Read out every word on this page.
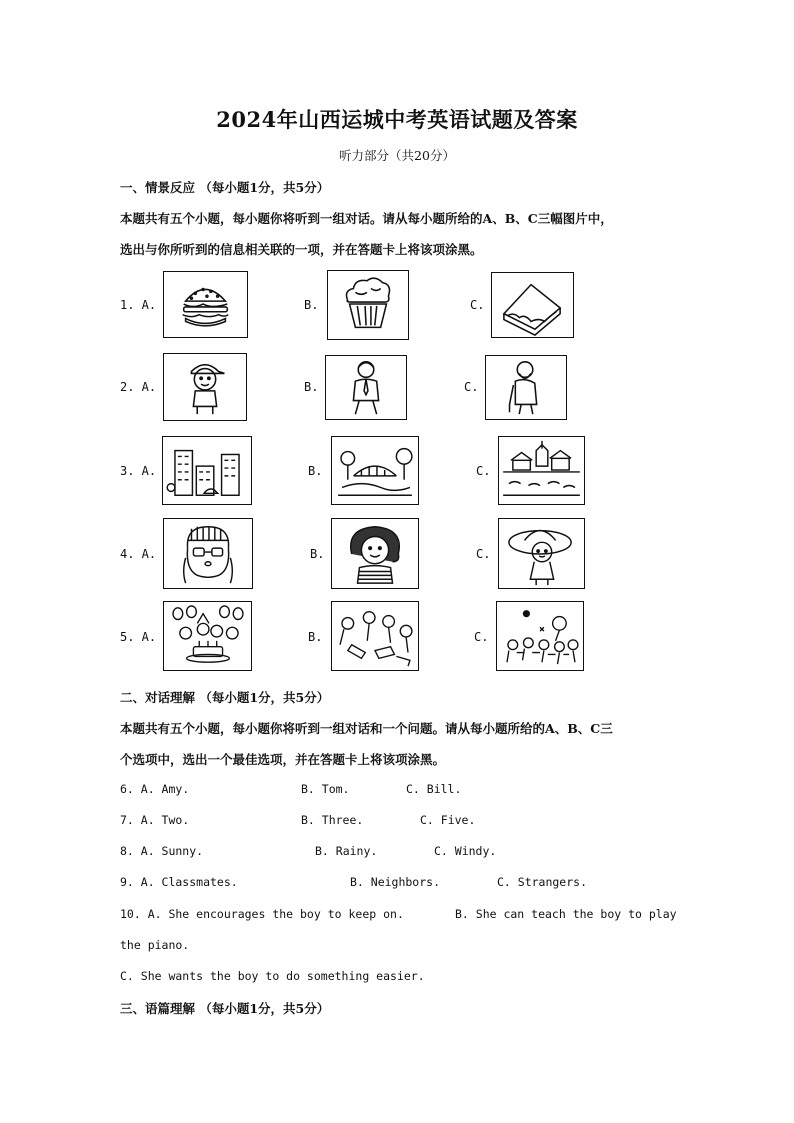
2024年山西运城中考英语试题及答案
听力部分（共20分）
一、情景反应 （每小题1分，共5分）
本题共有五个小题，每小题你将听到一组对话。请从每小题所给的A、B、C三幅图片中，
选出与你所听到的信息相关联的一项，并在答题卡上将该项涂黑。
1. A.	B.	C.
2. A.	B.	C.
3. A.	B.	C.
4. A.	B.	C.
5. A.	B.	C.
二、对话理解 （每小题1分，共5分）
本题共有五个小题，每小题你将听到一组对话和一个问题。请从每小题所给的A、B、C三
个选项中，选出一个最佳选项，并在答题卡上将该项涂黑。
6. A. Amy.	B. Tom.	C. Bill.
7. A. Two.	B. Three.	C. Five.
8. A. Sunny.	B. Rainy.	C. Windy.
9. A. Classmates.	B. Neighbors.	C. Strangers.
10. A. She encourages the boy to keep on.	B. She can teach the boy to play
the piano.
C. She wants the boy to do something easier.
三、语篇理解 （每小题1分，共5分）
